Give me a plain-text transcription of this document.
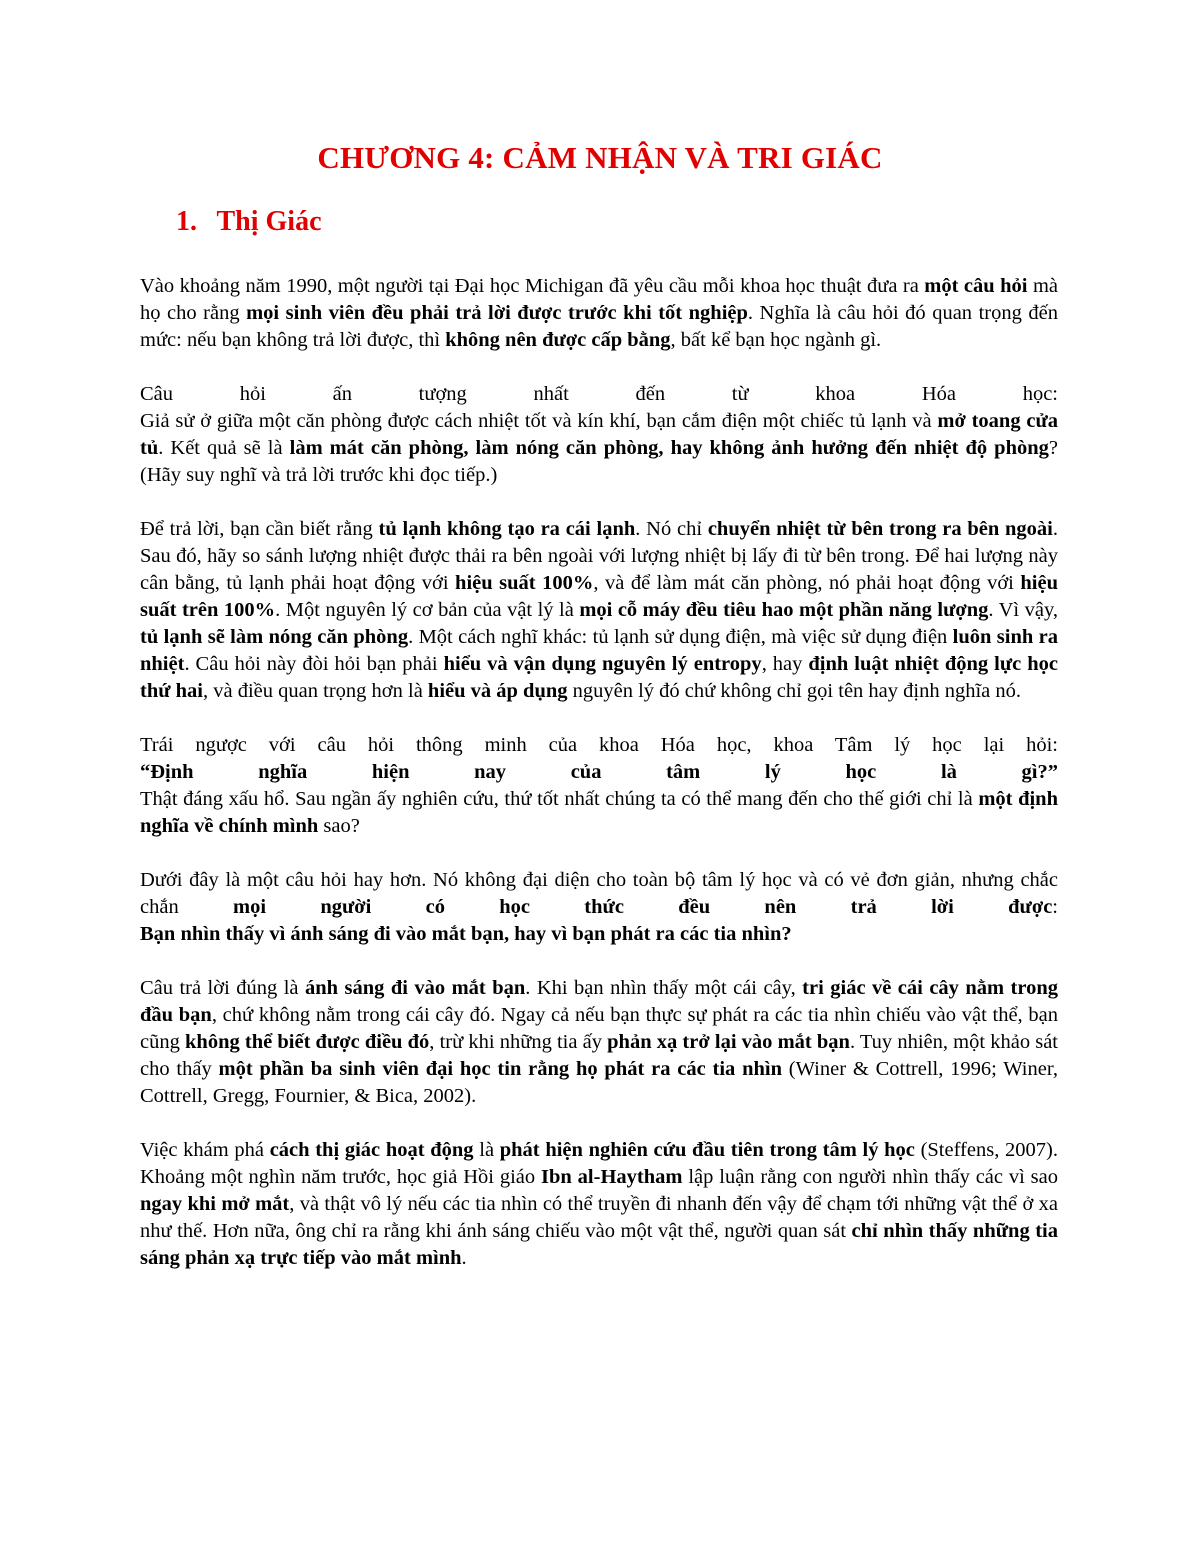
CHƯƠNG 4: CẢM NHẬN VÀ TRI GIÁC
1. Thị Giác

Vào khoảng năm 1990, một người tại Đại học Michigan đã yêu cầu mỗi khoa học thuật đưa ra một câu hỏi mà họ cho rằng mọi sinh viên đều phải trả lời được trước khi tốt nghiệp. Nghĩa là câu hỏi đó quan trọng đến mức: nếu bạn không trả lời được, thì không nên được cấp bằng, bất kể bạn học ngành gì.

Câu hỏi ấn tượng nhất đến từ khoa Hóa học:
Giả sử ở giữa một căn phòng được cách nhiệt tốt và kín khí, bạn cắm điện một chiếc tủ lạnh và mở toang cửa tủ. Kết quả sẽ là làm mát căn phòng, làm nóng căn phòng, hay không ảnh hưởng đến nhiệt độ phòng? (Hãy suy nghĩ và trả lời trước khi đọc tiếp.)

Để trả lời, bạn cần biết rằng tủ lạnh không tạo ra cái lạnh. Nó chỉ chuyển nhiệt từ bên trong ra bên ngoài. Sau đó, hãy so sánh lượng nhiệt được thải ra bên ngoài với lượng nhiệt bị lấy đi từ bên trong. Để hai lượng này cân bằng, tủ lạnh phải hoạt động với hiệu suất 100%, và để làm mát căn phòng, nó phải hoạt động với hiệu suất trên 100%. Một nguyên lý cơ bản của vật lý là mọi cỗ máy đều tiêu hao một phần năng lượng. Vì vậy, tủ lạnh sẽ làm nóng căn phòng. Một cách nghĩ khác: tủ lạnh sử dụng điện, mà việc sử dụng điện luôn sinh ra nhiệt. Câu hỏi này đòi hỏi bạn phải hiểu và vận dụng nguyên lý entropy, hay định luật nhiệt động lực học thứ hai, và điều quan trọng hơn là hiểu và áp dụng nguyên lý đó chứ không chỉ gọi tên hay định nghĩa nó.

Trái ngược với câu hỏi thông minh của khoa Hóa học, khoa Tâm lý học lại hỏi:
“Định nghĩa hiện nay của tâm lý học là gì?”
Thật đáng xấu hổ. Sau ngần ấy nghiên cứu, thứ tốt nhất chúng ta có thể mang đến cho thế giới chỉ là một định nghĩa về chính mình sao?

Dưới đây là một câu hỏi hay hơn. Nó không đại diện cho toàn bộ tâm lý học và có vẻ đơn giản, nhưng chắc chắn mọi người có học thức đều nên trả lời được:
Bạn nhìn thấy vì ánh sáng đi vào mắt bạn, hay vì bạn phát ra các tia nhìn?

Câu trả lời đúng là ánh sáng đi vào mắt bạn. Khi bạn nhìn thấy một cái cây, tri giác về cái cây nằm trong đầu bạn, chứ không nằm trong cái cây đó. Ngay cả nếu bạn thực sự phát ra các tia nhìn chiếu vào vật thể, bạn cũng không thể biết được điều đó, trừ khi những tia ấy phản xạ trở lại vào mắt bạn. Tuy nhiên, một khảo sát cho thấy một phần ba sinh viên đại học tin rằng họ phát ra các tia nhìn (Winer & Cottrell, 1996; Winer, Cottrell, Gregg, Fournier, & Bica, 2002).

Việc khám phá cách thị giác hoạt động là phát hiện nghiên cứu đầu tiên trong tâm lý học (Steffens, 2007). Khoảng một nghìn năm trước, học giả Hồi giáo Ibn al-Haytham lập luận rằng con người nhìn thấy các vì sao ngay khi mở mắt, và thật vô lý nếu các tia nhìn có thể truyền đi nhanh đến vậy để chạm tới những vật thể ở xa như thế. Hơn nữa, ông chỉ ra rằng khi ánh sáng chiếu vào một vật thể, người quan sát chỉ nhìn thấy những tia sáng phản xạ trực tiếp vào mắt mình.
